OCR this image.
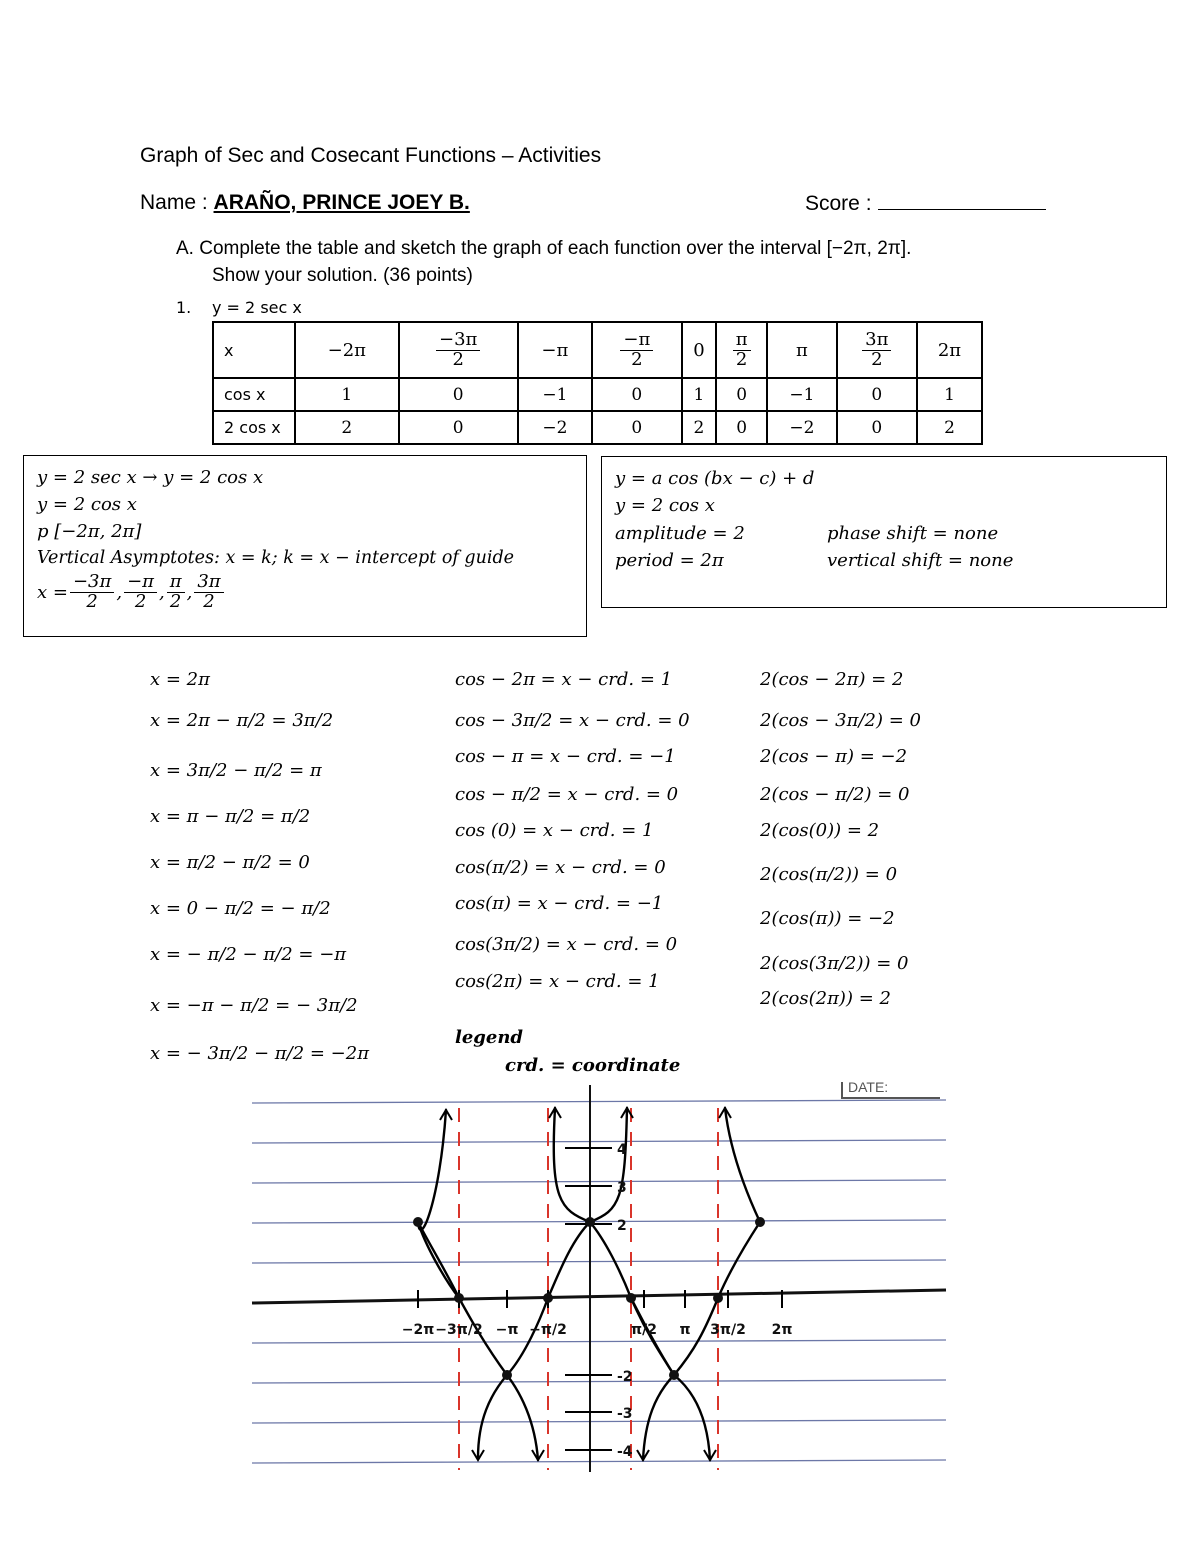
Graph of Sec and Cosecant Functions – Activities
Name : ARAÑO, PRINCE JOEY B.	Score :
A. Complete the table and sketch the graph of each function over the interval [−2π, 2π].
Show your solution. (36 points)
1. y = 2 sec x
x	−2π	$\frac{-3\pi}{2}$	−π	$\frac{-\pi}{2}$	0	$\frac{\pi}{2}$	π	$\frac{3\pi}{2}$	2π
cos x	1	0	−1	0	1	0	−1	0	1
2 cos x	2	0	−2	0	2	0	−2	0	2
y = 2 sec x → y = 2 cos x
y = 2 cos x
p [−2π, 2π]
Vertical Asymptotes: x = k; k = x − intercept of guide
$x = \frac{-3\pi}{2}$ , $\frac{-\pi}{2}$ , $\frac{\pi}{2}$ , $\frac{3\pi}{2}$
y = a cos (bx − c) + d
y = 2 cos x
amplitude = 2
period = 2π
phase shift = none
vertical shift = none
x = 2π
x = 2π − π/2 = 3π/2
x = 3π/2 − π/2 = π
x = π − π/2 = π/2
x = π/2 − π/2 = 0
x = 0 − π/2 = − π/2
x = − π/2 − π/2 = −π
x = −π − π/2 = − 3π/2
x = − 3π/2 − π/2 = −2π
cos − 2π = x − crd. = 1
cos − 3π/2 = x − crd. = 0
cos − π = x − crd. = −1
cos − π/2 = x − crd. = 0
cos (0) = x − crd. = 1
cos(π/2) = x − crd. = 0
cos(π) = x − crd. = −1
cos(3π/2) = x − crd. = 0
cos(2π) = x − crd. = 1
2(cos − 2π) = 2
2(cos − 3π/2) = 0
2(cos − π) = −2
2(cos − π/2) = 0
2(cos(0)) = 2
2(cos(π/2)) = 0
2(cos(π)) = −2
2(cos(3π/2)) = 0
2(cos(2π)) = 2
legend
crd. = coordinate
DATE:
−2π −3π/2 −π −π/2	π/2 π 3π/2 2π
4
3
2
-2
-3
-4
